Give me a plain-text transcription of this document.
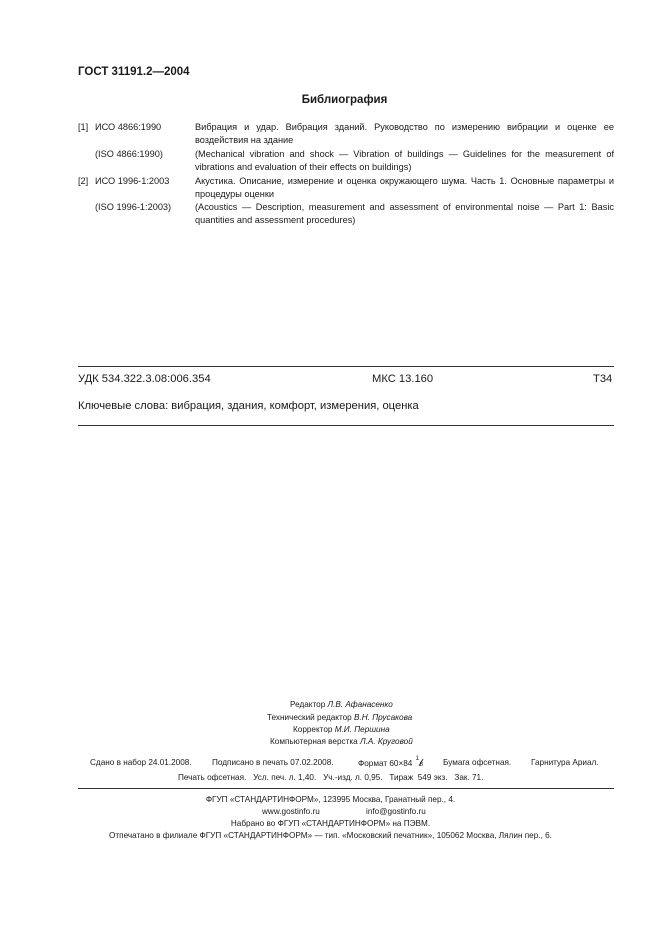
ГОСТ 31191.2—2004
Библиография
[1] ИСО 4866:1990	Вибрация и удар. Вибрация зданий. Руководство по измерению вибрации и оценке ее воздействия на здание
(ISO 4866:1990)	(Mechanical vibration and shock — Vibration of buildings — Guidelines for the measurement of vibrations and evaluation of their effects on buildings)
[2] ИСО 1996-1:2003	Акустика. Описание, измерение и оценка окружающего шума. Часть 1. Основные параметры и процедуры оценки
(ISO 1996-1:2003)	(Acoustics — Description, measurement and assessment of environmental noise — Part 1: Basic quantities and assessment procedures)
УДК 534.322.3.08:006.354	МКС 13.160	Т34
Ключевые слова: вибрация, здания, комфорт, измерения, оценка
Редактор Л.В. Афанасенко
Технический редактор В.Н. Прусакова
Корректор М.И. Першина
Компьютерная верстка Л.А. Круговой
Сдано в набор 24.01.2008. Подписано в печать 07.02.2008.	Формат 60×84 1
8 Бумага офсетная. Гарнитура Ариал.
Печать офсетная.   Усл. печ. л. 1,40.   Уч.-изд. л. 0,95.   Тираж  549 экз.   Зак. 71.
ФГУП «СТАНДАРТИНФОРМ», 123995 Москва, Гранатный пер., 4.
www.gostinfo.ru	info@gostinfo.ru
Набрано во ФГУП «СТАНДАРТИНФОРМ» на ПЭВМ.
Отпечатано в филиале ФГУП «СТАНДАРТИНФОРМ» — тип. «Московский печатник», 105062 Москва, Лялин пер., 6.
